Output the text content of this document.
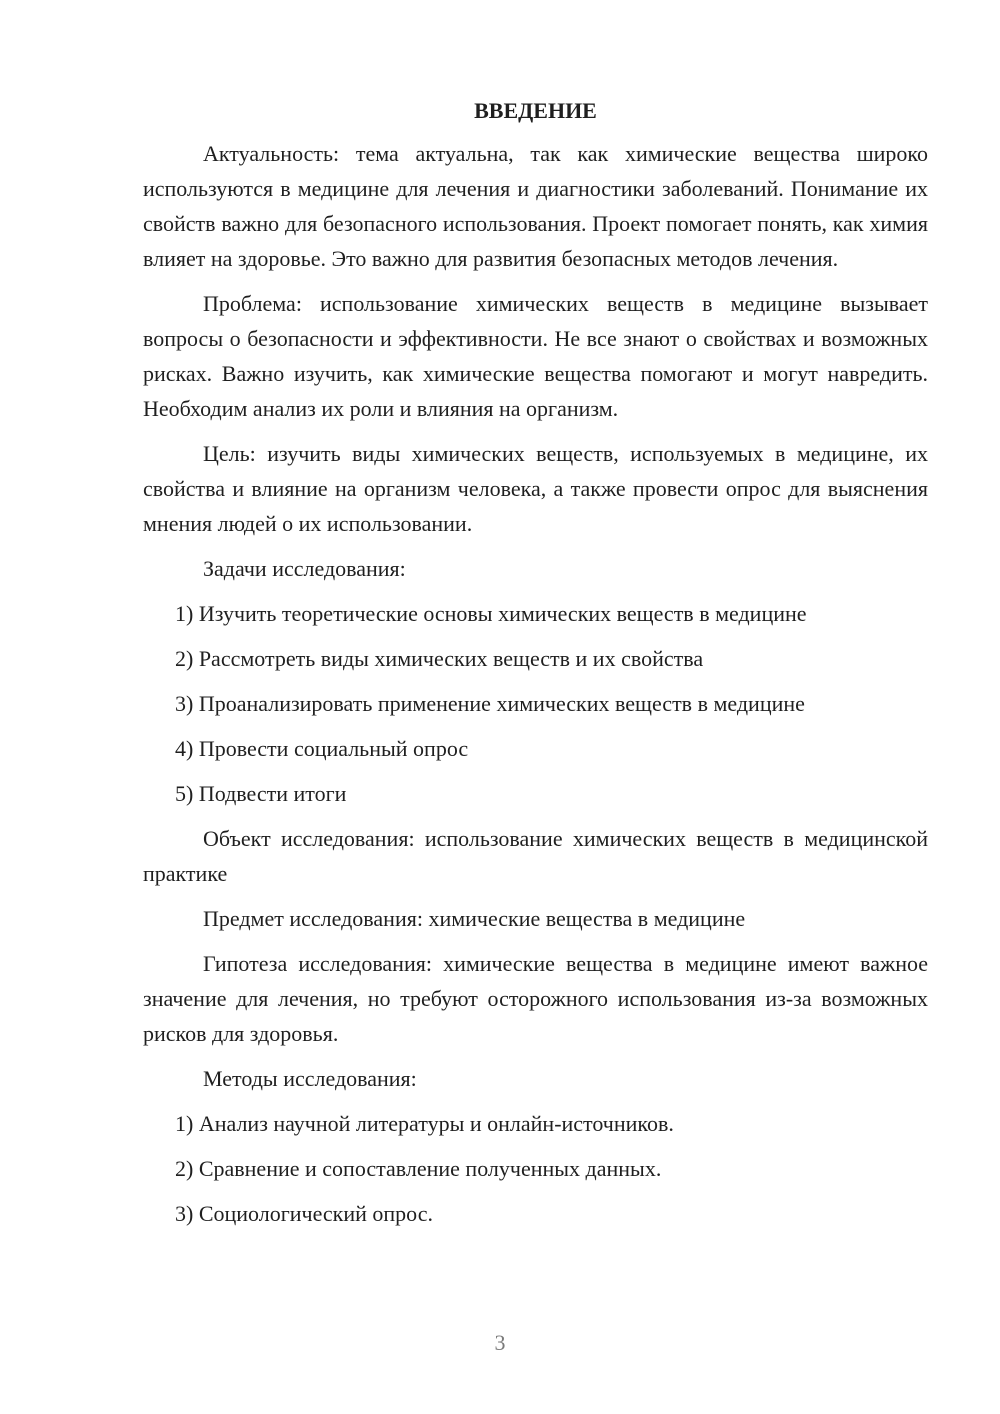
ВВЕДЕНИЕ

Актуальность: тема актуальна, так как химические вещества широко используются в медицине для лечения и диагностики заболеваний. Понимание их свойств важно для безопасного использования. Проект помогает понять, как химия влияет на здоровье. Это важно для развития безопасных методов лечения.

Проблема: использование химических веществ в медицине вызывает вопросы о безопасности и эффективности. Не все знают о свойствах и возможных рисках. Важно изучить, как химические вещества помогают и могут навредить. Необходим анализ их роли и влияния на организм.

Цель: изучить виды химических веществ, используемых в медицине, их свойства и влияние на организм человека, а также провести опрос для выяснения мнения людей о их использовании.

Задачи исследования:

1) Изучить теоретические основы химических веществ в медицине
2) Рассмотреть виды химических веществ и их свойства
3) Проанализировать применение химических веществ в медицине
4) Провести социальный опрос
5) Подвести итоги

Объект исследования: использование химических веществ в медицинской практике

Предмет исследования: химические вещества в медицине

Гипотеза исследования: химические вещества в медицине имеют важное значение для лечения, но требуют осторожного использования из-за возможных рисков для здоровья.

Методы исследования:

1) Анализ научной литературы и онлайн-источников.
2) Сравнение и сопоставление полученных данных.
3) Социологический опрос.
3
